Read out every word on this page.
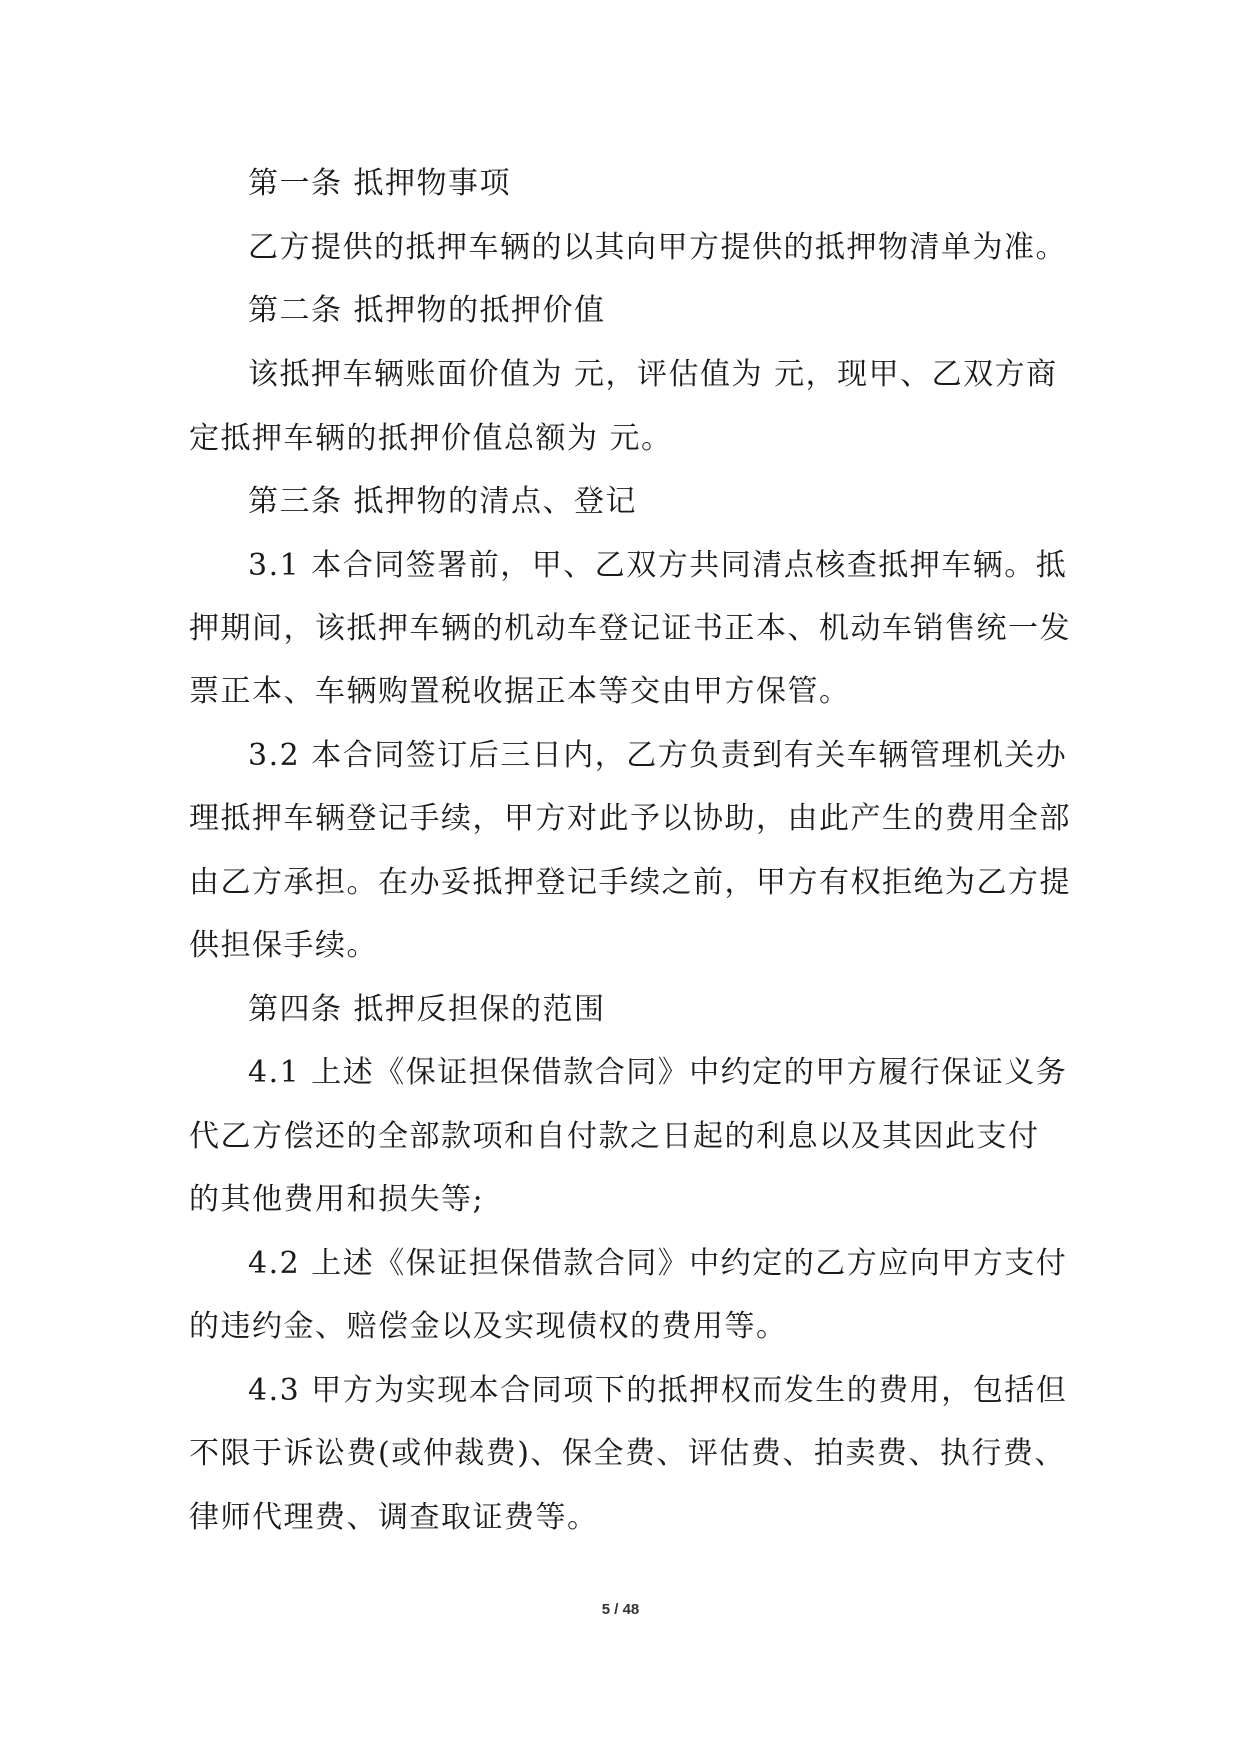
第一条 抵押物事项
乙方提供的抵押车辆的以其向甲方提供的抵押物清单为准。
第二条 抵押物的抵押价值
该抵押车辆账面价值为 元，评估值为 元，现甲、乙双方商
定抵押车辆的抵押价值总额为 元。
第三条 抵押物的清点、登记
3.1 本合同签署前，甲、乙双方共同清点核查抵押车辆。抵
押期间，该抵押车辆的机动车登记证书正本、机动车销售统一发
票正本、车辆购置税收据正本等交由甲方保管。
3.2 本合同签订后三日内，乙方负责到有关车辆管理机关办
理抵押车辆登记手续，甲方对此予以协助，由此产生的费用全部
由乙方承担。在办妥抵押登记手续之前，甲方有权拒绝为乙方提
供担保手续。
第四条 抵押反担保的范围
4.1 上述《保证担保借款合同》中约定的甲方履行保证义务
代乙方偿还的全部款项和自付款之日起的利息以及其因此支付
的其他费用和损失等;
4.2 上述《保证担保借款合同》中约定的乙方应向甲方支付
的违约金、赔偿金以及实现债权的费用等。
4.3 甲方为实现本合同项下的抵押权而发生的费用，包括但
不限于诉讼费(或仲裁费)、保全费、评估费、拍卖费、执行费、
律师代理费、调查取证费等。
5 / 48
